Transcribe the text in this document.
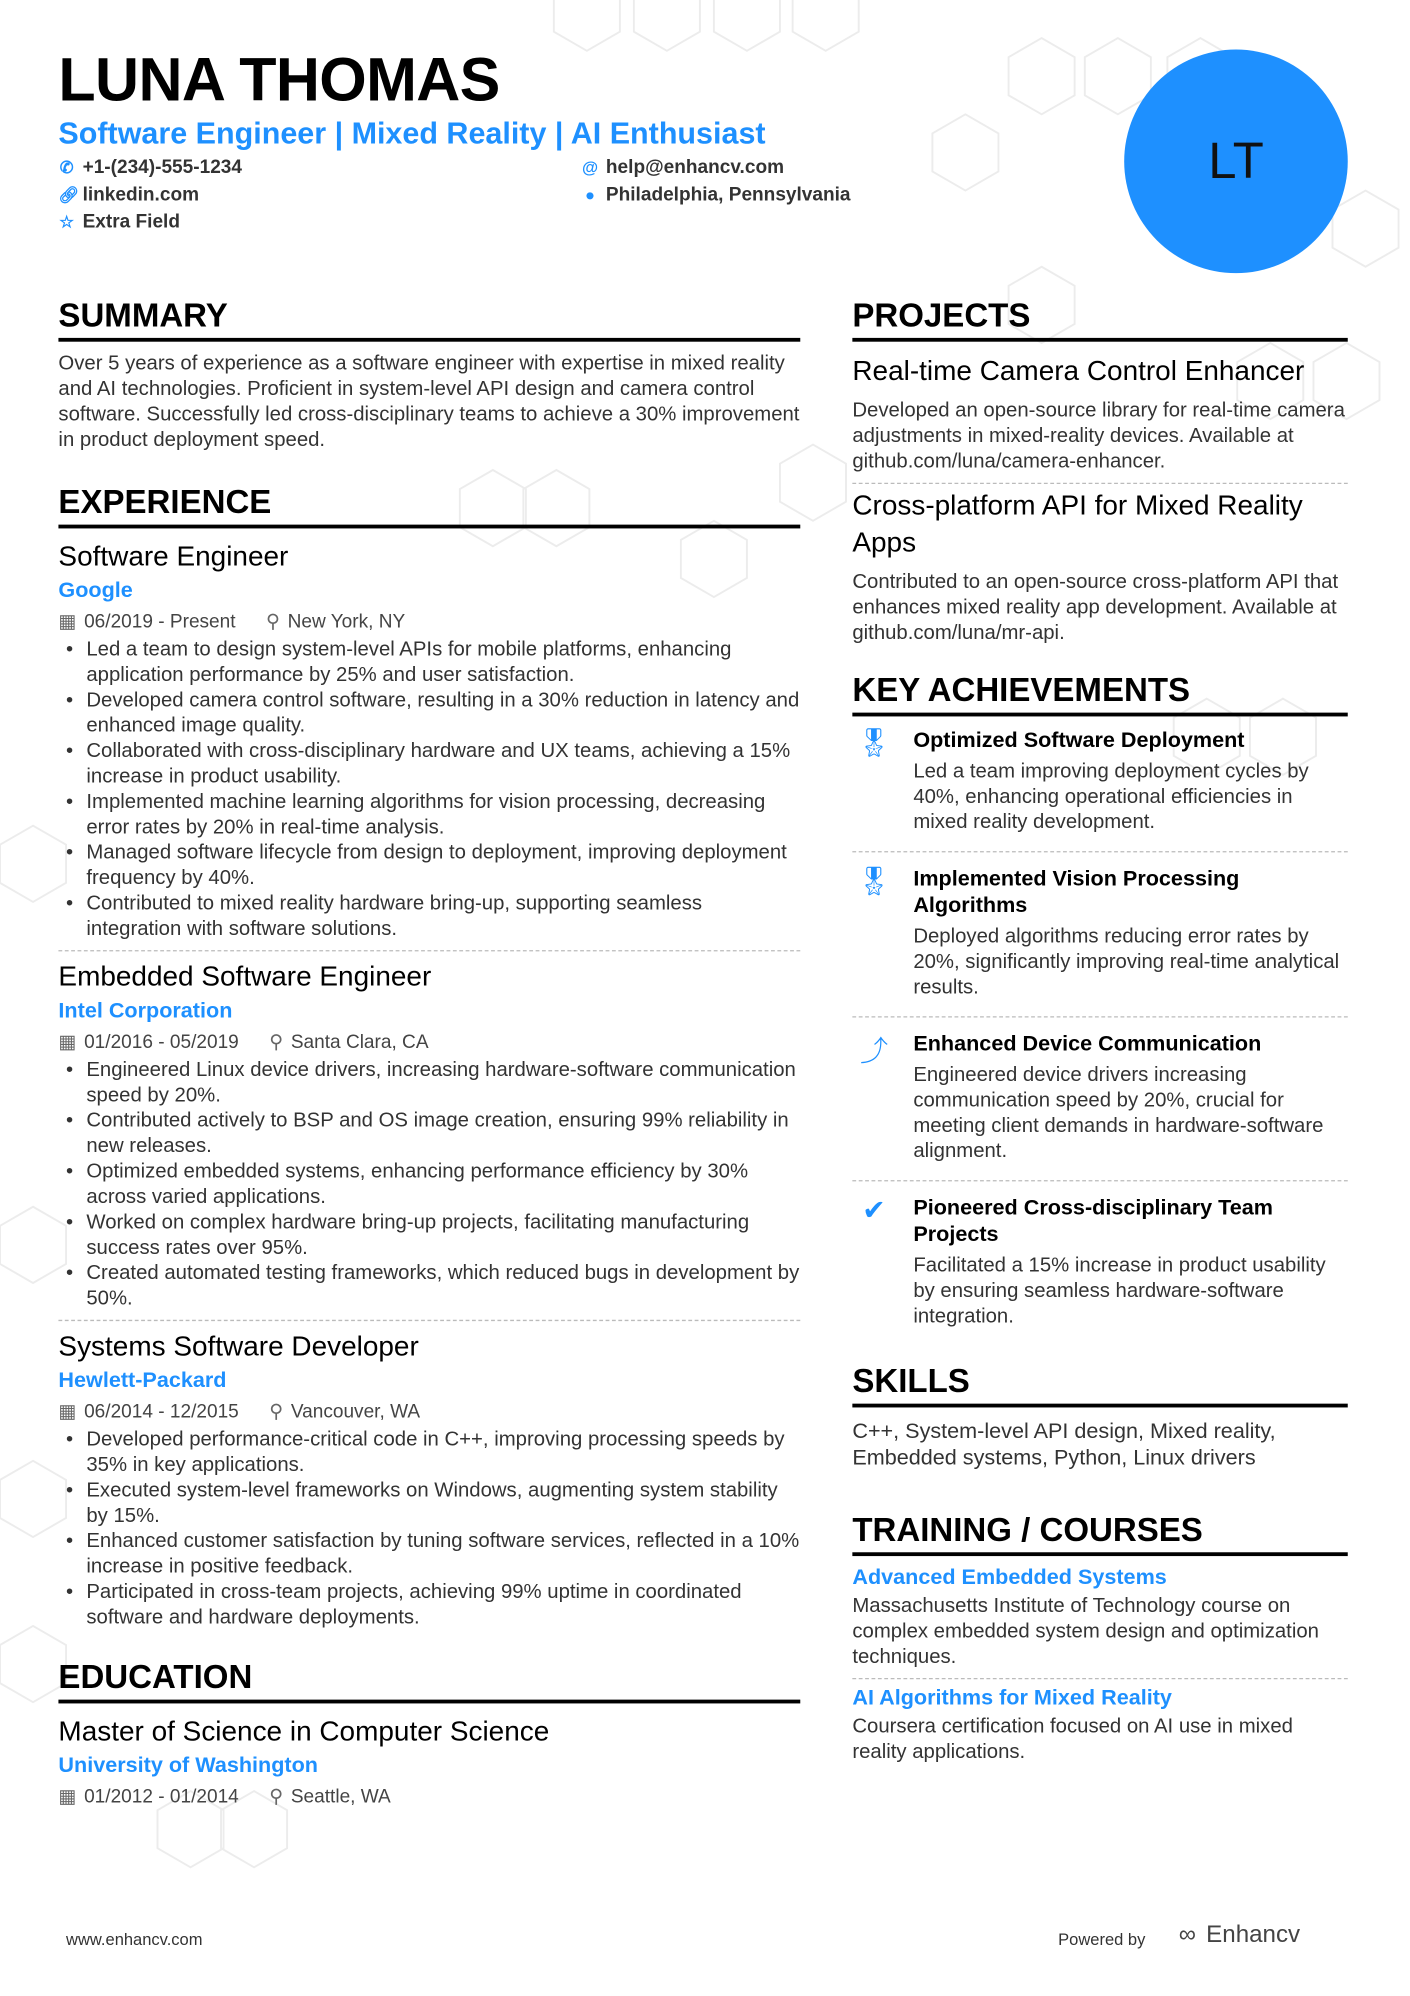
LUNA THOMAS
Software Engineer | Mixed Reality | AI Enthusiast
✆ +1-(234)-555-1234
🔗︎ linkedin.com
☆ Extra Field
@ help@enhancv.com
● Philadelphia, Pennsylvania
LT
SUMMARY
Over 5 years of experience as a software engineer with expertise in mixed reality and AI technologies. Proficient in system-level API design and camera control software. Successfully led cross-disciplinary teams to achieve a 30% improvement in product deployment speed.
EXPERIENCE
Software Engineer
Google
▦ 06/2019 - Present ⚲ New York, NY
• Led a team to design system-level APIs for mobile platforms, enhancing application performance by 25% and user satisfaction.
• Developed camera control software, resulting in a 30% reduction in latency and enhanced image quality.
• Collaborated with cross-disciplinary hardware and UX teams, achieving a 15% increase in product usability.
• Implemented machine learning algorithms for vision processing, decreasing error rates by 20% in real-time analysis.
• Managed software lifecycle from design to deployment, improving deployment frequency by 40%.
• Contributed to mixed reality hardware bring-up, supporting seamless integration with software solutions.
Embedded Software Engineer
Intel Corporation
▦ 01/2016 - 05/2019 ⚲ Santa Clara, CA
• Engineered Linux device drivers, increasing hardware-software communication speed by 20%.
• Contributed actively to BSP and OS image creation, ensuring 99% reliability in new releases.
• Optimized embedded systems, enhancing performance efficiency by 30% across varied applications.
• Worked on complex hardware bring-up projects, facilitating manufacturing success rates over 95%.
• Created automated testing frameworks, which reduced bugs in development by 50%.
Systems Software Developer
Hewlett-Packard
▦ 06/2014 - 12/2015 ⚲ Vancouver, WA
• Developed performance-critical code in C++, improving processing speeds by 35% in key applications.
• Executed system-level frameworks on Windows, augmenting system stability by 15%.
• Enhanced customer satisfaction by tuning software services, reflected in a 10% increase in positive feedback.
• Participated in cross-team projects, achieving 99% uptime in coordinated software and hardware deployments.
EDUCATION
Master of Science in Computer Science
University of Washington
▦ 01/2012 - 01/2014 ⚲ Seattle, WA
PROJECTS
Real-time Camera Control Enhancer
Developed an open-source library for real-time camera adjustments in mixed-reality devices. Available at github.com/luna/camera-enhancer.
Cross-platform API for Mixed Reality Apps
Contributed to an open-source cross-platform API that enhances mixed reality app development. Available at github.com/luna/mr-api.
KEY ACHIEVEMENTS
🎖︎ Optimized Software Deployment
Led a team improving deployment cycles by 40%, enhancing operational efficiencies in mixed reality development.
🎖︎ Implemented Vision Processing Algorithms
Deployed algorithms reducing error rates by 20%, significantly improving real-time analytical results.
⤴	Enhanced Device Communication
Engineered device drivers increasing communication speed by 20%, crucial for meeting client demands in hardware-software alignment.
✔	Pioneered Cross-disciplinary Team Projects
Facilitated a 15% increase in product usability by ensuring seamless hardware-software integration.
SKILLS
C++, System-level API design, Mixed reality, Embedded systems, Python, Linux drivers
TRAINING / COURSES
Advanced Embedded Systems
Massachusetts Institute of Technology course on complex embedded system design and optimization techniques.
AI Algorithms for Mixed Reality
Coursera certification focused on AI use in mixed reality applications.
www.enhancv.com	Powered by ∞ Enhancv
